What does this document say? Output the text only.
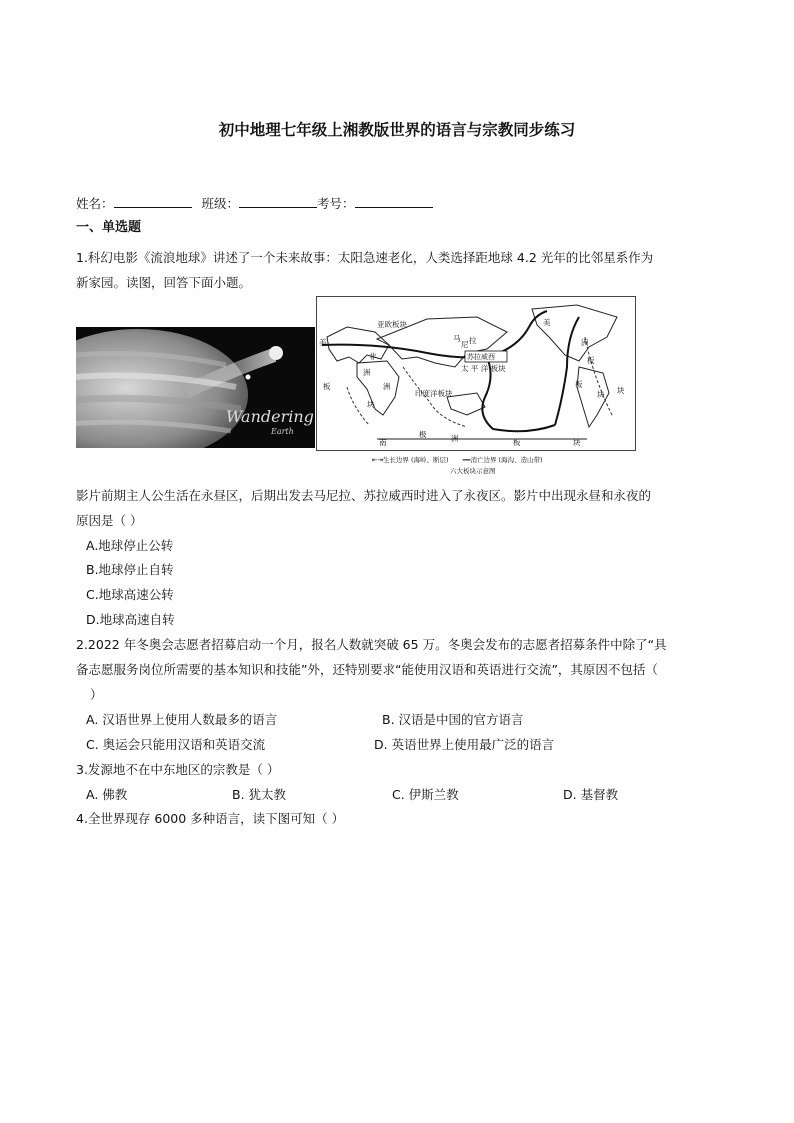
初中地理七年级上湘教版世界的语言与宗教同步练习
姓名：	班级：	考号：
一、单选题
1.科幻电影《流浪地球》讲述了一个未来故事：太阳急速老化，人类选择距地球 4.2 光年的比邻星系作为
新家园。读图，回答下面小题。
Wandering
Earth
亚欧板块	美
洲
板
块
美
非
洲
板
块
苏拉威西
太 平 洋 板块
印度洋板块
洲	板
块
南
极	洲	板	块
马
尼 拉
⇤⇥生长边界 (海岭、断层) ━━消亡边界 (海沟、造山带)
六大板块示意图
影片前期主人公生活在永昼区，后期出发去马尼拉、苏拉威西时进入了永夜区。影片中出现永昼和永夜的
原因是（ ）
A.地球停止公转
B.地球停止自转
C.地球高速公转
D.地球高速自转
2.2022 年冬奥会志愿者招募启动一个月，报名人数就突破 65 万。冬奥会发布的志愿者招募条件中除了“具
备志愿服务岗位所需要的基本知识和技能”外，还特别要求“能使用汉语和英语进行交流”，其原因不包括（
）
A. 汉语世界上使用人数最多的语言	B. 汉语是中国的官方语言
C. 奥运会只能用汉语和英语交流	D. 英语世界上使用最广泛的语言
3.发源地不在中东地区的宗教是（ ）
A. 佛教	B. 犹太教	C. 伊斯兰教	D. 基督教
4.全世界现存 6000 多种语言，读下图可知（ ）
